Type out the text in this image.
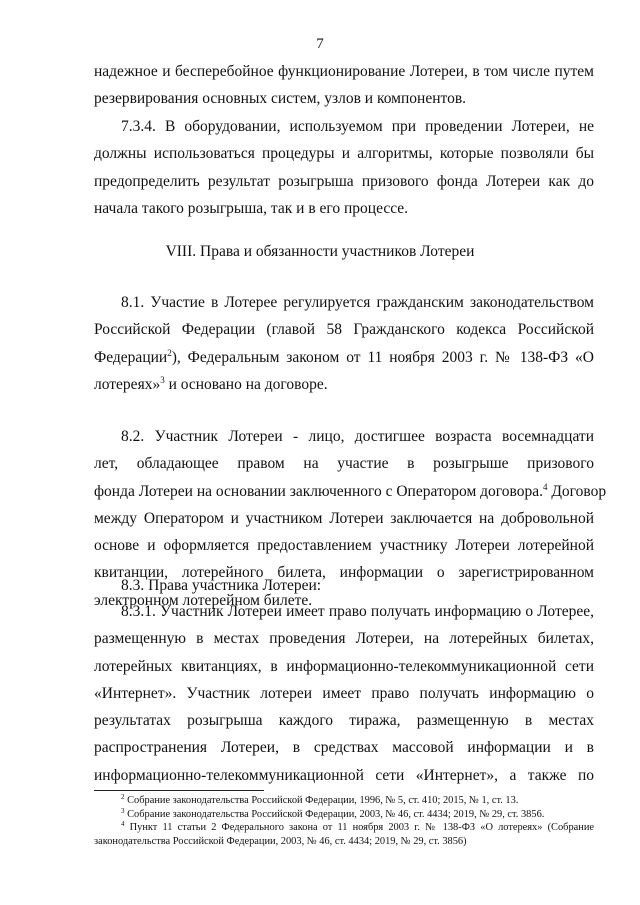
7
надежное и бесперебойное функционирование Лотереи, в том числе путем
резервирования основных систем, узлов и компонентов.
7.3.4. В оборудовании, используемом при проведении Лотереи, не
должны использоваться процедуры и алгоритмы, которые позволяли бы
предопределить результат розыгрыша призового фонда Лотереи как до
начала такого розыгрыша, так и в его процессе.
VIII. Права и обязанности участников Лотереи
8.1. Участие в Лотерее регулируется гражданским законодательством
Российской Федерации (главой 58 Гражданского кодекса Российской
Федерации$^2$), Федеральным законом от 11 ноября 2003 г. № 138-ФЗ «О
лотереях»$^3$ и основано на договоре.
8.2. Участник Лотереи - лицо, достигшее возраста восемнадцати
лет, обладающее правом на участие в розыгрыше призового
фонда Лотереи на основании заключенного с Оператором договора.$^4$ Договор
между Оператором и участником Лотереи заключается на добровольной
основе и оформляется предоставлением участнику Лотереи лотерейной
квитанции, лотерейного билета, информации о зарегистрированном
электронном лотерейном билете.
8.3. Права участника Лотереи:
8.3.1. Участник Лотереи имеет право получать информацию о Лотерее,
размещенную в местах проведения Лотереи, на лотерейных билетах,
лотерейных квитанциях, в информационно-телекоммуникационной сети
«Интернет». Участник лотереи имеет право получать информацию о
результатах розыгрыша каждого тиража, размещенную в местах
распространения Лотереи, в средствах массовой информации и в
информационно-телекоммуникационной сети «Интернет», а также по
$^2$ Собрание законодательства Российской Федерации, 1996, № 5, ст. 410; 2015, № 1, ст. 13.
$^3$ Собрание законодательства Российской Федерации, 2003, № 46, ст. 4434; 2019, № 29, ст. 3856.
$^4$ Пункт 11 статьи 2 Федерального закона от 11 ноября 2003 г. № 138-ФЗ «О лотереях» (Собрание
законодательства Российской Федерации, 2003, № 46, ст. 4434; 2019, № 29, ст. 3856)
